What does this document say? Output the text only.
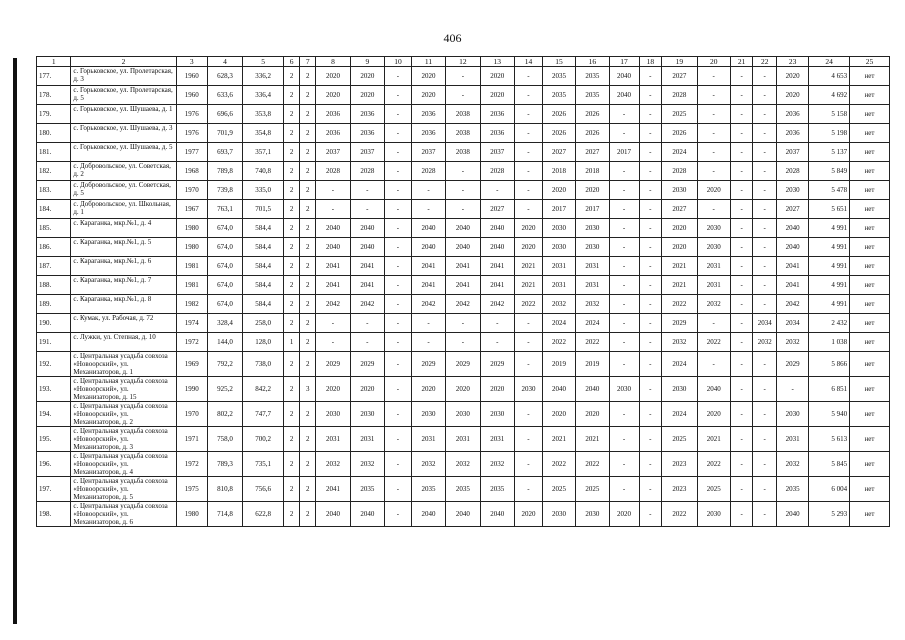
406
1	2	3	4	5	6	7	8	9	10	11	12	13	14	15	16	17	18	19	20	21	22	23	24	25
177.	с. Горьковское, ул. Пролетарская, д. 3	1960	628,3	336,2	2	2	2020	2020	-	2020	-	2020	-	2035	2035	2040	-	2027	-	-	-	2020	4 653	нет
178.	с. Горьковское, ул. Пролетарская, д. 5	1960	633,6	336,4	2	2	2020	2020	-	2020	-	2020	-	2035	2035	2040	-	2028	-	-	-	2020	4 692	нет
179.	с. Горьковское, ул. Шушаева, д. 1	1976	696,6	353,8	2	2	2036	2036	-	2036	2038	2036	-	2026	2026	-	-	2025	-	-	-	2036	5 158	нет
180.	с. Горьковское, ул. Шушаева, д. 3	1976	701,9	354,8	2	2	2036	2036	-	2036	2038	2036	-	2026	2026	-	-	2026	-	-	-	2036	5 198	нет
181.	с. Горьковское, ул. Шушаева, д. 5	1977	693,7	357,1	2	2	2037	2037	-	2037	2038	2037	-	2027	2027	2017	-	2024	-	-	-	2037	5 137	нет
182.	с. Добровольское, ул. Советская, д. 2	1968	789,8	740,8	2	2	2028	2028	-	2028	-	2028	-	2018	2018	-	-	2028	-	-	-	2028	5 849	нет
183.	с. Добровольское, ул. Советская, д. 5	1970	739,8	335,0	2	2	-	-	-	-	-	-	-	2020	2020	-	-	2030	2020	-	-	2030	5 478	нет
184.	с. Добровольское, ул. Школьная, д. 1	1967	763,1	701,5	2	2	-	-	-	-	-	2027	-	2017	2017	-	-	2027	-	-	-	2027	5 651	нет
185.	с. Караганка, мкр.№1, д. 4	1980	674,0	584,4	2	2	2040	2040	-	2040	2040	2040	2020	2030	2030	-	-	2020	2030	-	-	2040	4 991	нет
186.	с. Караганка, мкр.№1, д. 5	1980	674,0	584,4	2	2	2040	2040	-	2040	2040	2040	2020	2030	2030	-	-	2020	2030	-	-	2040	4 991	нет
187.	с. Караганка, мкр.№1, д. 6	1981	674,0	584,4	2	2	2041	2041	-	2041	2041	2041	2021	2031	2031	-	-	2021	2031	-	-	2041	4 991	нет
188.	с. Караганка, мкр.№1, д. 7	1981	674,0	584,4	2	2	2041	2041	-	2041	2041	2041	2021	2031	2031	-	-	2021	2031	-	-	2041	4 991	нет
189.	с. Караганка, мкр.№1, д. 8	1982	674,0	584,4	2	2	2042	2042	-	2042	2042	2042	2022	2032	2032	-	-	2022	2032	-	-	2042	4 991	нет
190.	с. Кумак, ул. Рабочая, д. 72	1974	328,4	258,0	2	2	-	-	-	-	-	-	-	2024	2024	-	-	2029	-	-	2034	2034	2 432	нет
191.	с. Лужки, ул. Степная, д. 10	1972	144,0	128,0	1	2	-	-	-	-	-	-	-	2022	2022	-	-	2032	2022	-	2032	2032	1 038	нет
192.	с. Центральная усадьба совхоза «Новоорский», ул. Механизаторов, д. 1	1969	792,2	738,0	2	2	2029	2029	-	2029	2029	2029	-	2019	2019	-	-	2024	-	-	-	2029	5 866	нет
193.	с. Центральная усадьба совхоза «Новоорский», ул. Механизаторов, д. 15	1990	925,2	842,2	2	3	2020	2020	-	2020	2020	2020	2030	2040	2040	2030	-	2030	2040	-	-	-	6 851	нет
194.	с. Центральная усадьба совхоза «Новоорский», ул. Механизаторов, д. 2	1970	802,2	747,7	2	2	2030	2030	-	2030	2030	2030	-	2020	2020	-	-	2024	2020	-	-	2030	5 940	нет
195.	с. Центральная усадьба совхоза «Новоорский», ул. Механизаторов, д. 3	1971	758,0	700,2	2	2	2031	2031	-	2031	2031	2031	-	2021	2021	-	-	2025	2021	-	-	2031	5 613	нет
196.	с. Центральная усадьба совхоза «Новоорский», ул. Механизаторов, д. 4	1972	789,3	735,1	2	2	2032	2032	-	2032	2032	2032	-	2022	2022	-	-	2023	2022	-	-	2032	5 845	нет
197.	с. Центральная усадьба совхоза «Новоорский», ул. Механизаторов, д. 5	1975	810,8	756,6	2	2	2041	2035	-	2035	2035	2035	-	2025	2025	-	-	2023	2025	-	-	2035	6 004	нет
198.	с. Центральная усадьба совхоза «Новоорский», ул. Механизаторов, д. 6	1980	714,8	622,8	2	2	2040	2040	-	2040	2040	2040	2020	2030	2030	2020	-	2022	2030	-	-	2040	5 293	нет
